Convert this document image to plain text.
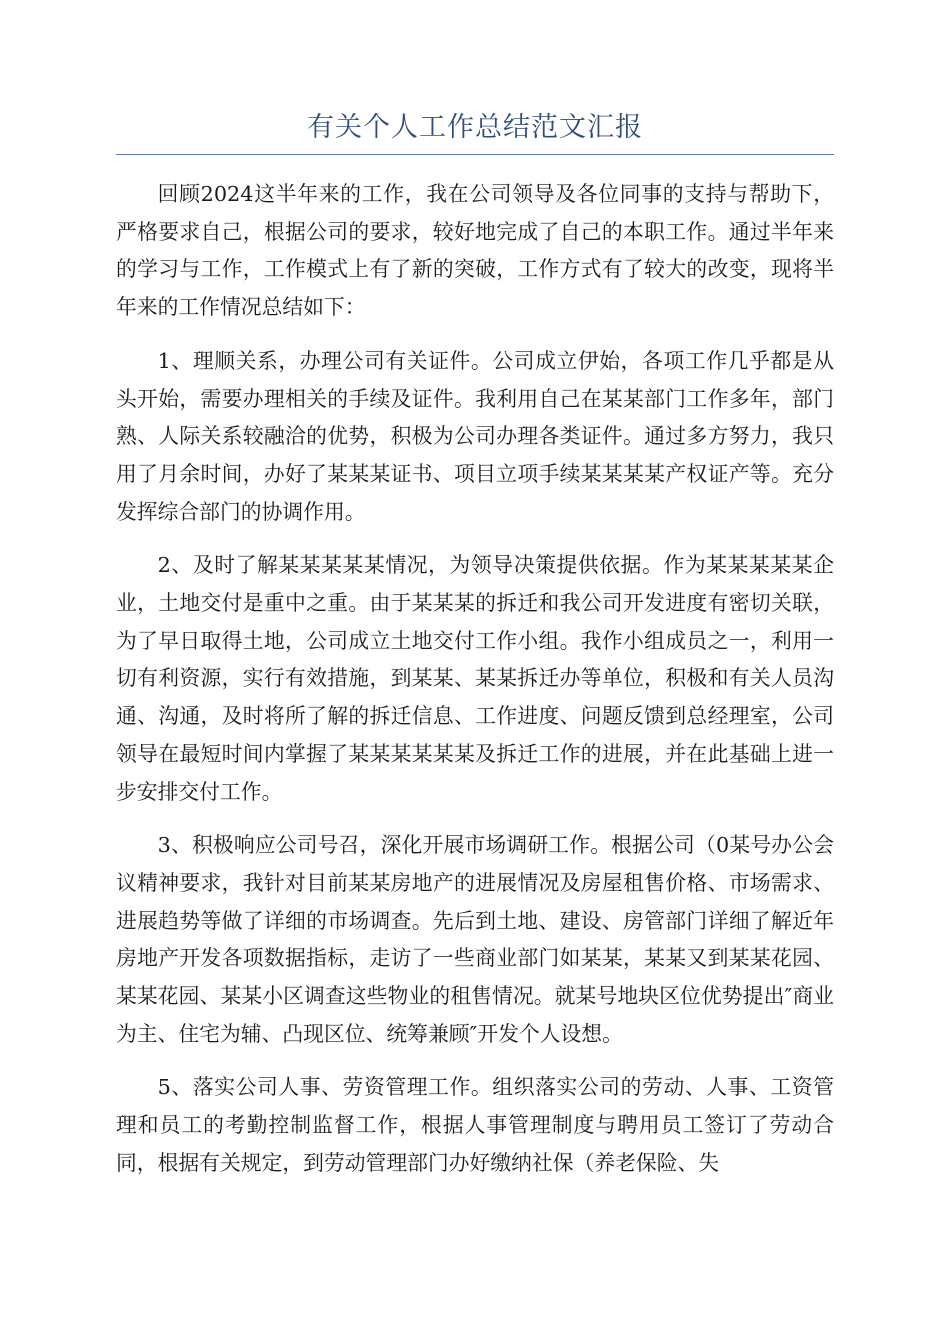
有关个人工作总结范文汇报

回顾2024这半年来的工作，我在公司领导及各位同事的支持与帮助下，严格要求自己，根据公司的要求，较好地完成了自己的本职工作。通过半年来的学习与工作，工作模式上有了新的突破，工作方式有了较大的改变，现将半年来的工作情况总结如下：

1、理顺关系，办理公司有关证件。公司成立伊始，各项工作几乎都是从头开始，需要办理相关的手续及证件。我利用自己在某某部门工作多年，部门熟、人际关系较融洽的优势，积极为公司办理各类证件。通过多方努力，我只用了月余时间，办好了某某某证书、项目立项手续某某某某产权证产等。充分发挥综合部门的协调作用。

2、及时了解某某某某某情况，为领导决策提供依据。作为某某某某某企业，土地交付是重中之重。由于某某某的拆迁和我公司开发进度有密切关联，为了早日取得土地，公司成立土地交付工作小组。我作小组成员之一，利用一切有利资源，实行有效措施，到某某、某某拆迁办等单位，积极和有关人员沟通、沟通，及时将所了解的拆迁信息、工作进度、问题反馈到总经理室，公司领导在最短时间内掌握了某某某某某某及拆迁工作的进展，并在此基础上进一步安排交付工作。

3、积极响应公司号召，深化开展市场调研工作。根据公司（0某号办公会议精神要求，我针对目前某某房地产的进展情况及房屋租售价格、市场需求、进展趋势等做了详细的市场调查。先后到土地、建设、房管部门详细了解近年房地产开发各项数据指标，走访了一些商业部门如某某，某某又到某某花园、某某花园、某某小区调查这些物业的租售情况。就某号地块区位优势提出″商业为主、住宅为辅、凸现区位、统筹兼顾″开发个人设想。

5、落实公司人事、劳资管理工作。组织落实公司的劳动、人事、工资管理和员工的考勤控制监督工作，根据人事管理制度与聘用员工签订了劳动合同，根据有关规定，到劳动管理部门办好缴纳社保（养老保险、失
